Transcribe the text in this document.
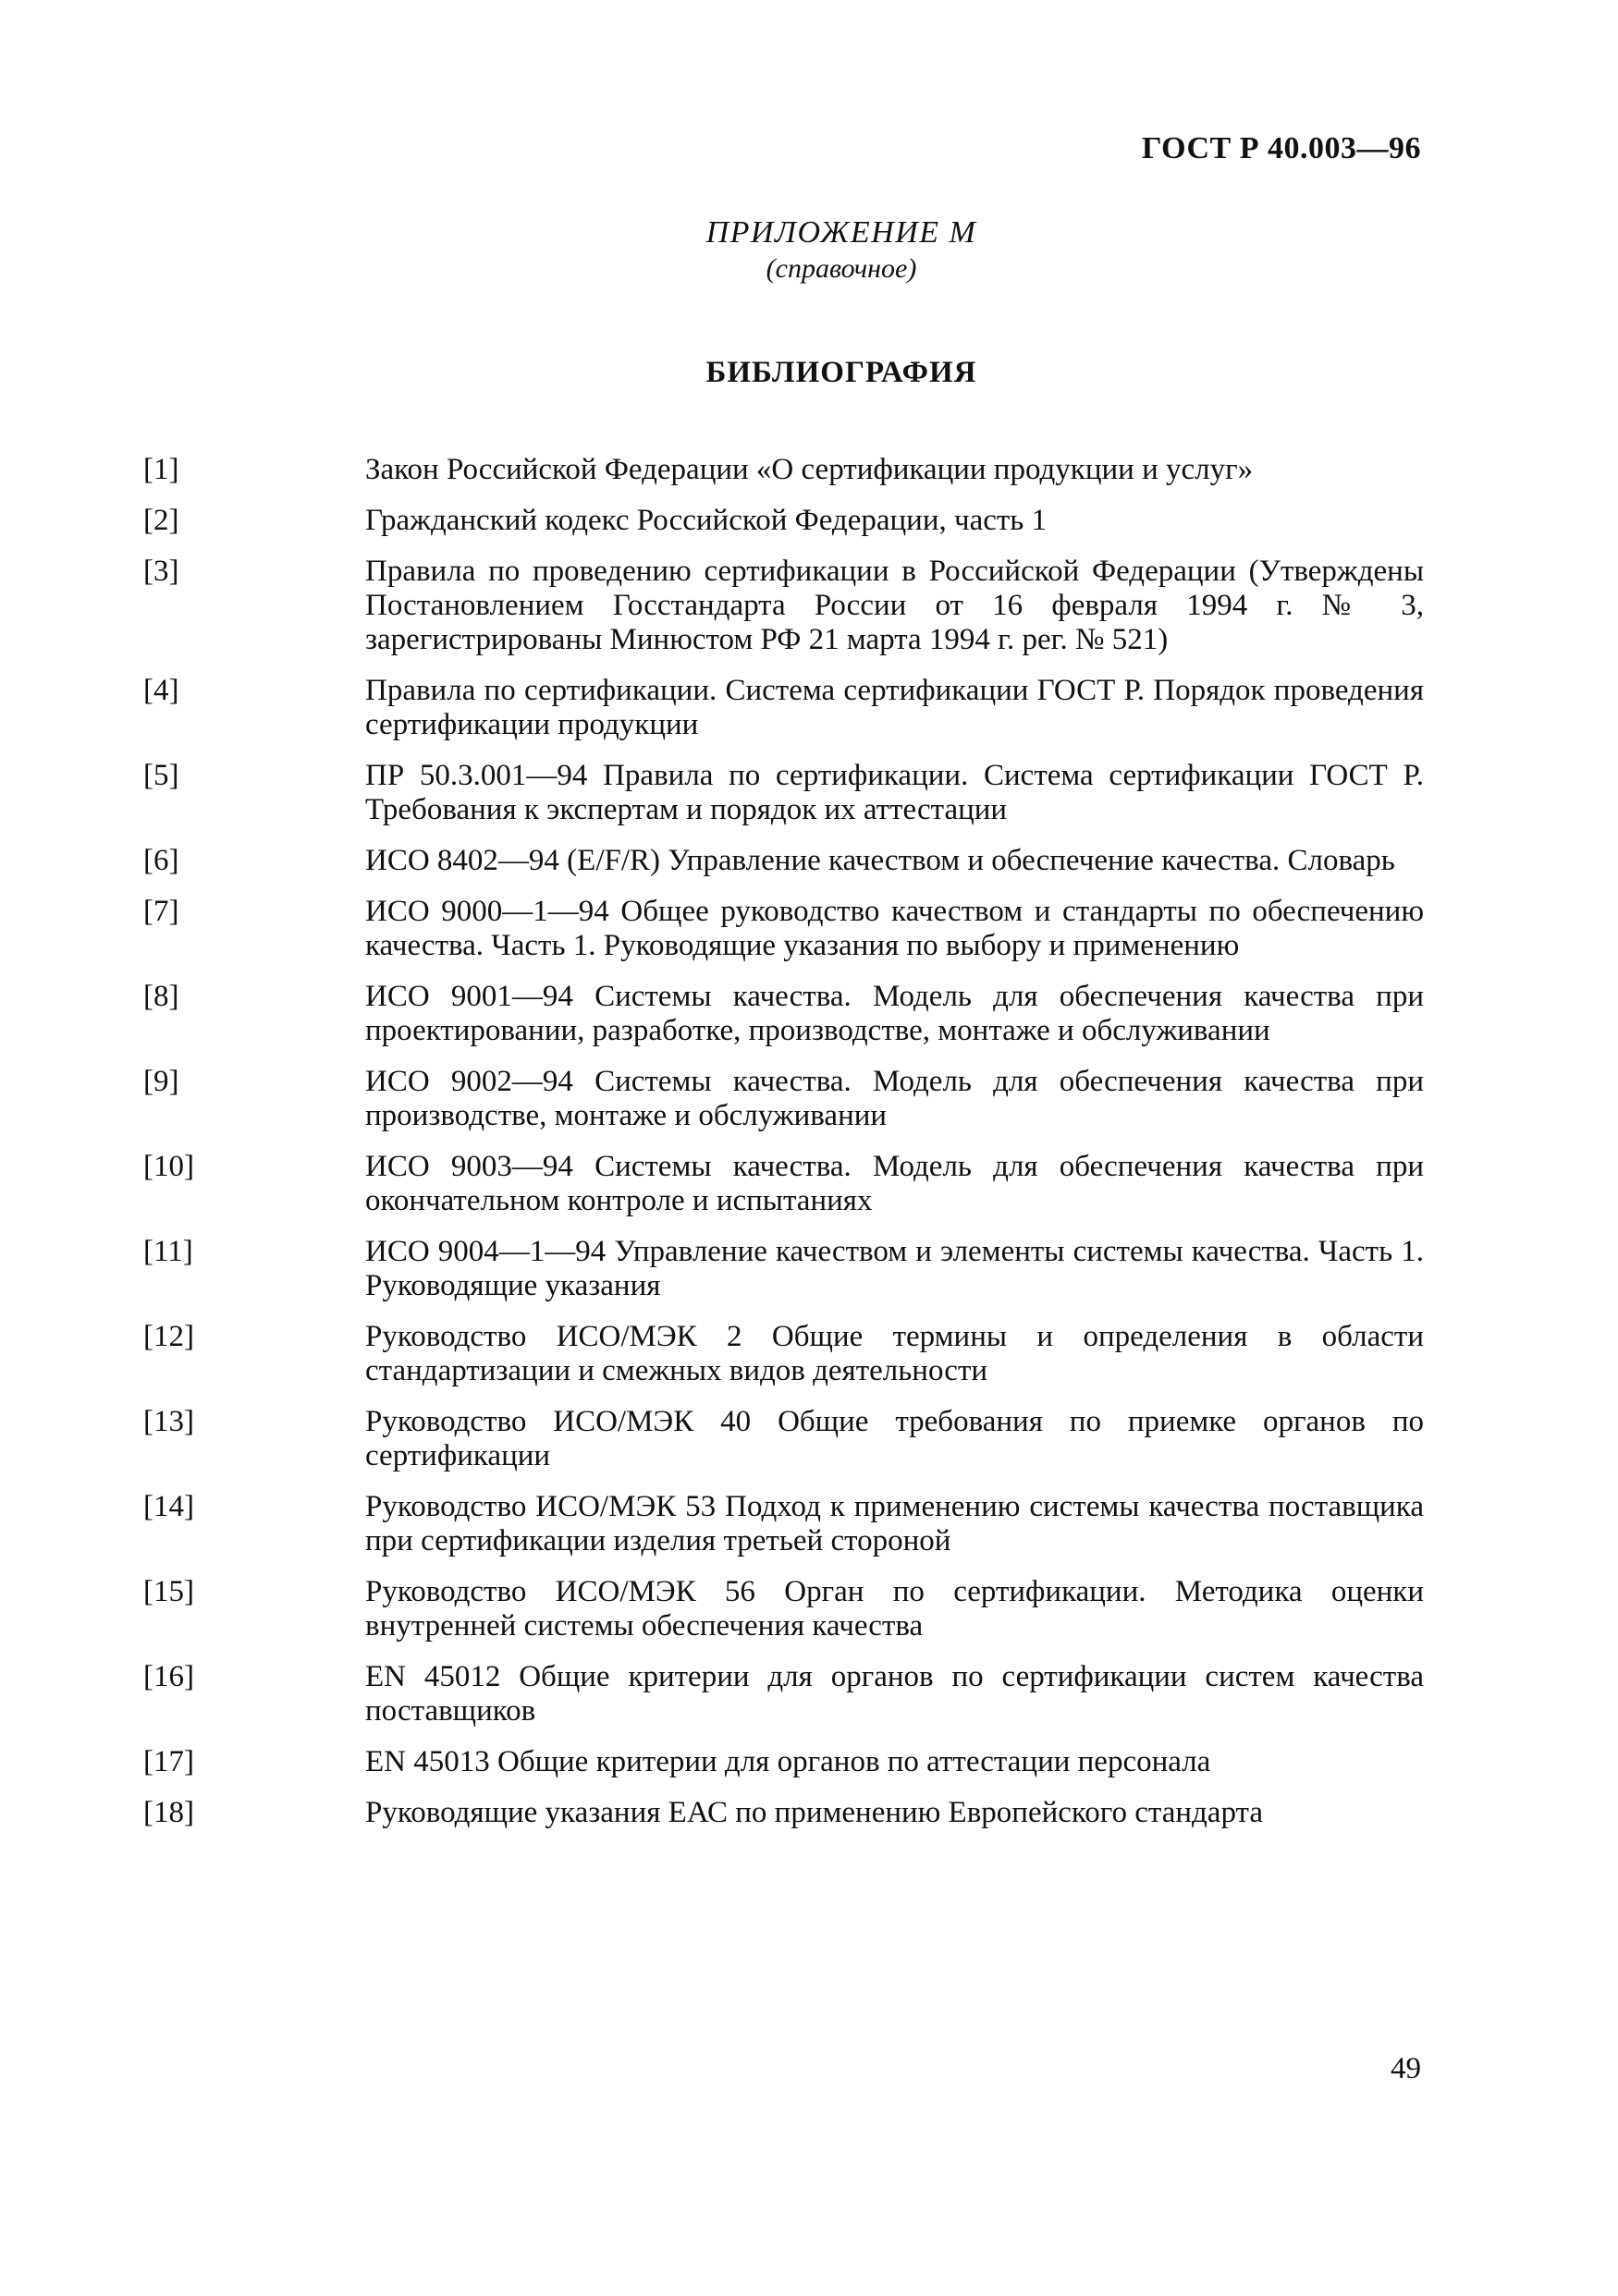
ГОСТ Р 40.003—96
ПРИЛОЖЕНИЕ М
(справочное)
БИБЛИОГРАФИЯ
[1]	Закон Российской Федерации «О сертификации продукции и услуг»
[2]	Гражданский кодекс Российской Федерации, часть 1
[3]	Правила по проведению сертификации в Российской Федерации (Утверждены Постановлением Госстандарта России от 16 февраля 1994 г. № 3, зарегистрированы Минюстом РФ 21 марта 1994 г. рег. № 521)
[4]	Правила по сертификации. Система сертификации ГОСТ Р. Порядок проведения сертификации продукции
[5]	ПР 50.3.001—94 Правила по сертификации. Система сертификации ГОСТ Р. Требования к экспертам и порядок их аттестации
[6]	ИСО 8402—94 (E/F/R) Управление качеством и обеспечение качества. Словарь
[7]	ИСО 9000—1—94 Общее руководство качеством и стандарты по обеспечению качества. Часть 1. Руководящие указания по выбору и применению
[8]	ИСО 9001—94 Системы качества. Модель для обеспечения качества при проектировании, разработке, производстве, монтаже и обслуживании
[9]	ИСО 9002—94 Системы качества. Модель для обеспечения качества при производстве, монтаже и обслуживании
[10]	ИСО 9003—94 Системы качества. Модель для обеспечения качества при окончательном контроле и испытаниях
[11]	ИСО 9004—1—94 Управление качеством и элементы системы качества. Часть 1. Руководящие указания
[12]	Руководство ИСО/МЭК 2 Общие термины и определения в области стандартизации и смежных видов деятельности
[13]	Руководство ИСО/МЭК 40 Общие требования по приемке органов по сертификации
[14]	Руководство ИСО/МЭК 53 Подход к применению системы качества поставщика при сертификации изделия третьей стороной
[15]	Руководство ИСО/МЭК 56 Орган по сертификации. Методика оценки внутренней системы обеспечения качества
[16]	EN 45012 Общие критерии для органов по сертификации систем качества поставщиков
[17]	EN 45013 Общие критерии для органов по аттестации персонала
[18]	Руководящие указания ЕАС по применению Европейского стандарта
49
